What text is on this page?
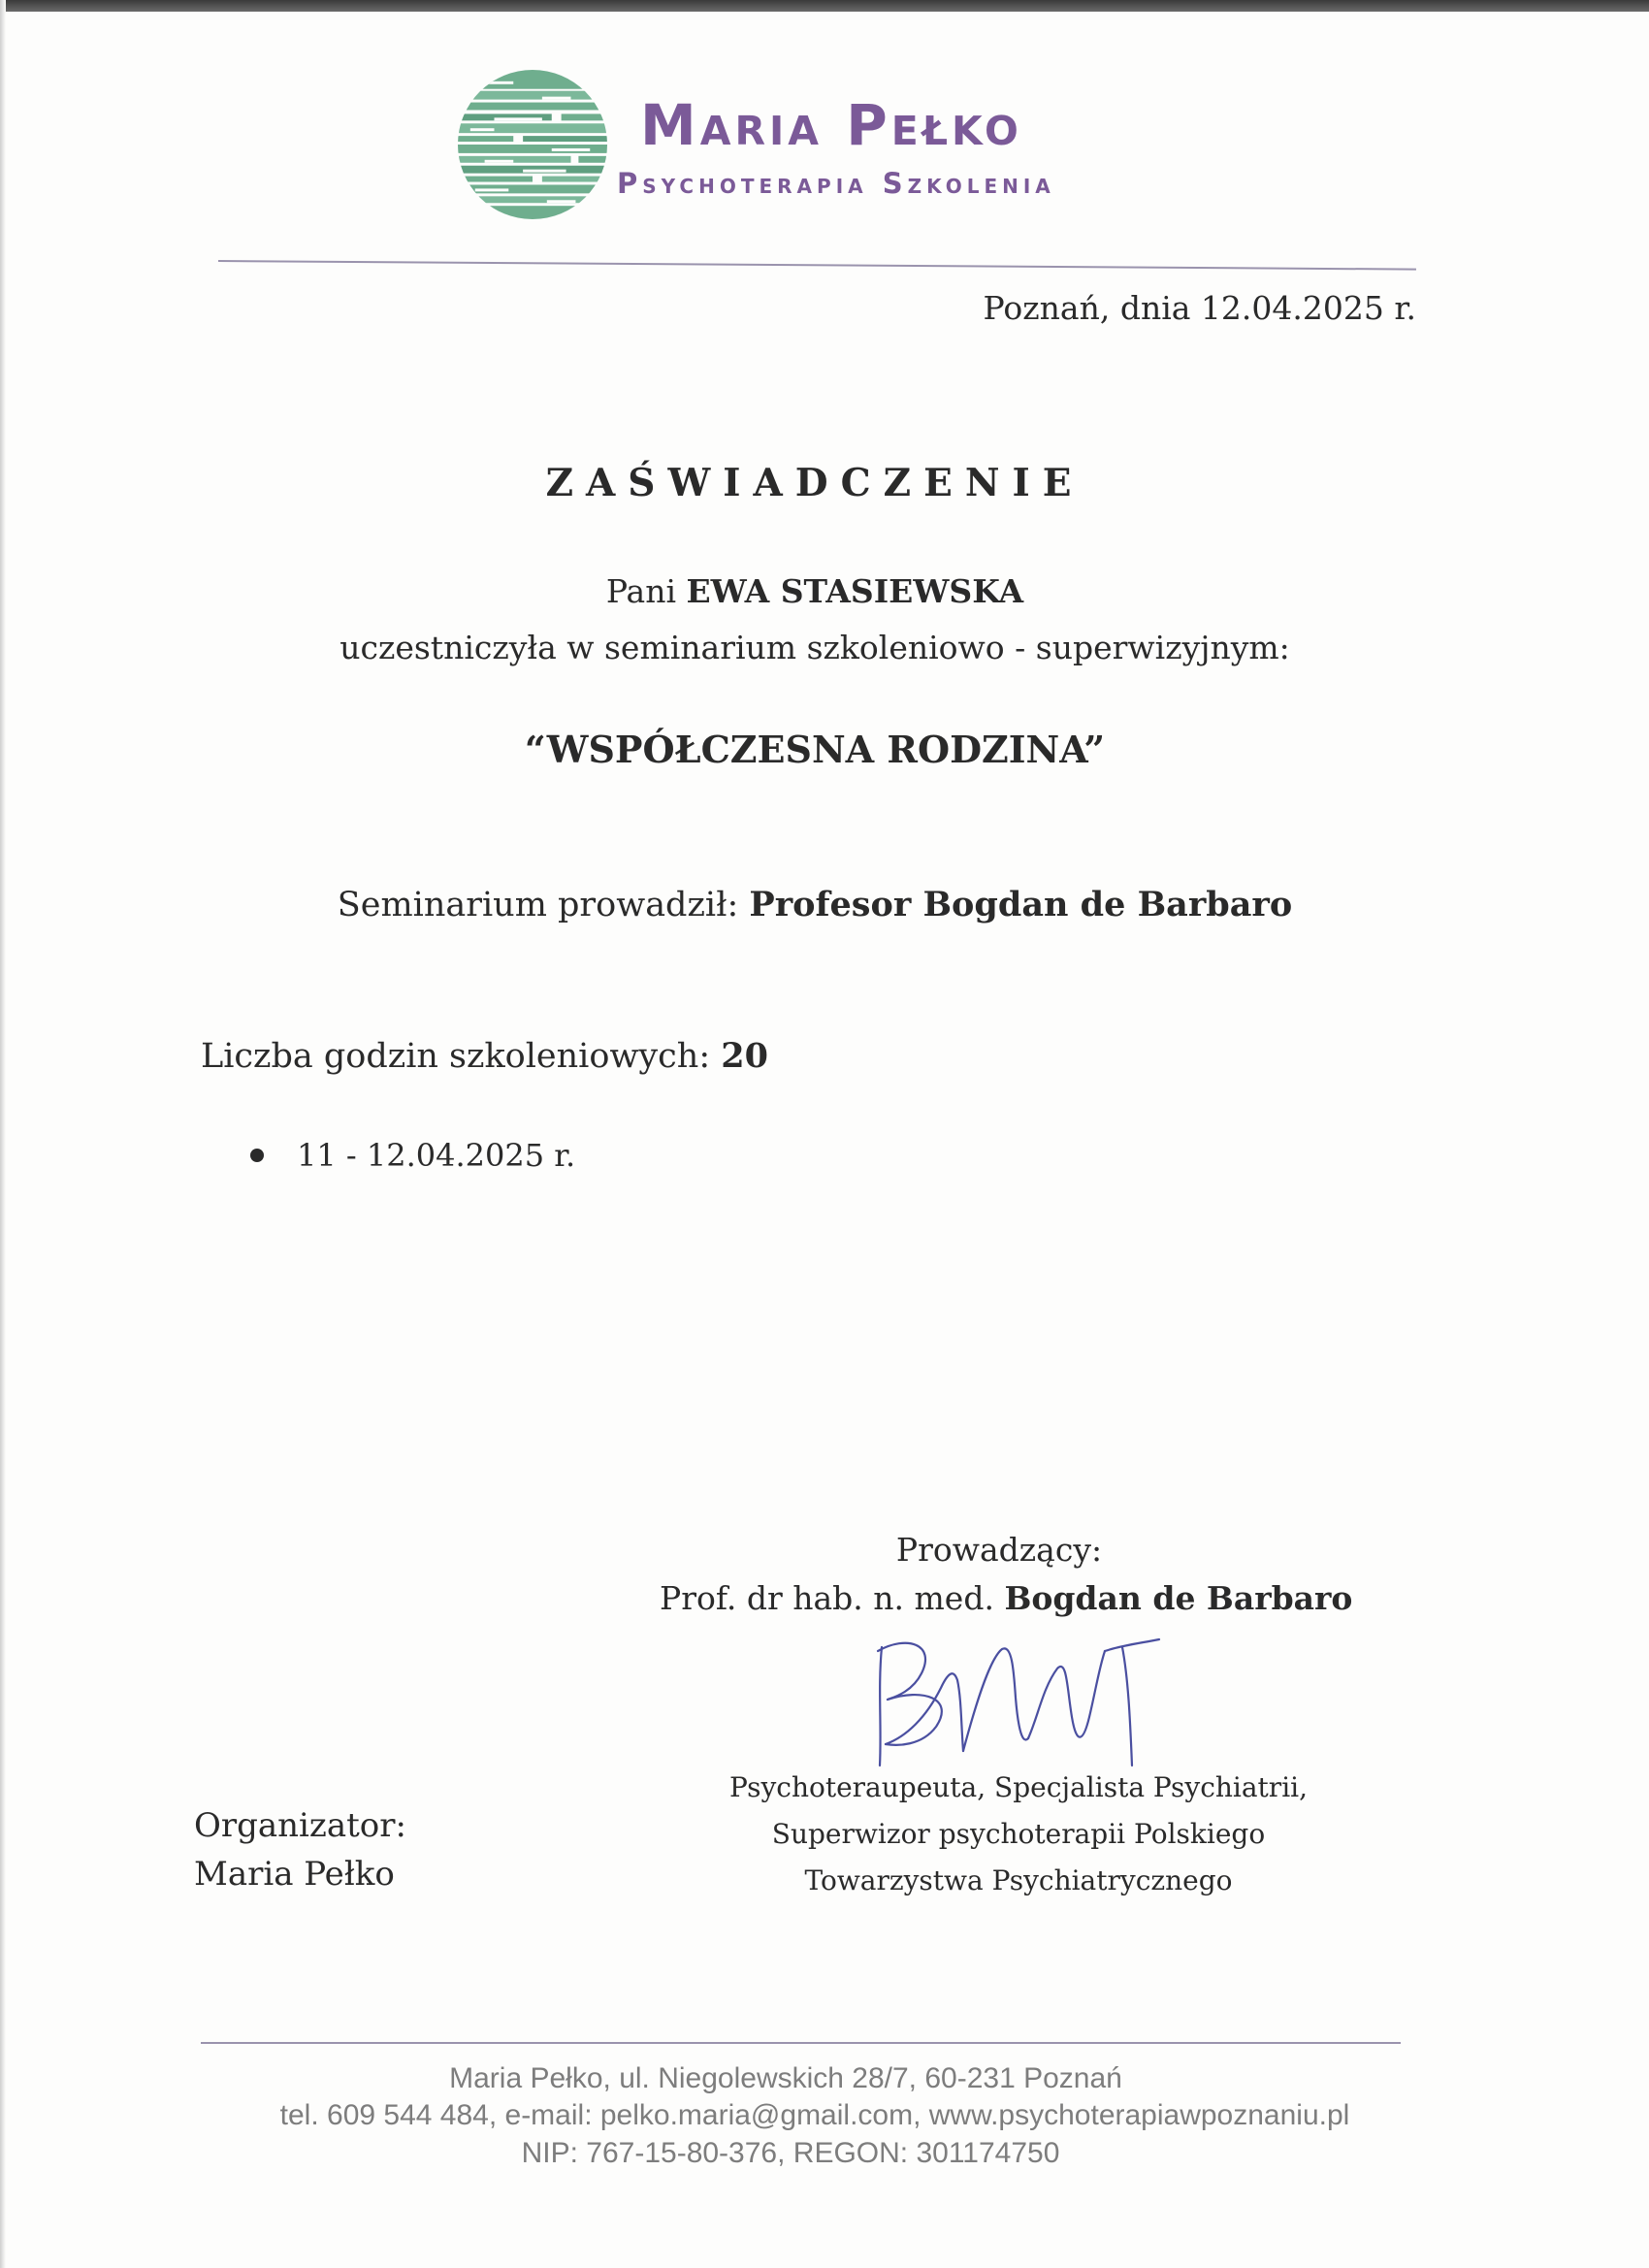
Maria Pełko
Psychoterapia Szkolenia
Poznań, dnia 12.04.2025 r.
ZAŚWIADCZENIE
Pani EWA STASIEWSKA
uczestniczyła w seminarium szkoleniowo - superwizyjnym:
“WSPÓŁCZESNA RODZINA”
Seminarium prowadził: Profesor Bogdan de Barbaro
Liczba godzin szkoleniowych: 20
11 - 12.04.2025 r.
Prowadzący:
Prof. dr hab. n. med. Bogdan de Barbaro
Psychoteraupeuta, Specjalista Psychiatrii,
Superwizor psychoterapii Polskiego
Towarzystwa Psychiatrycznego
Organizator:
Maria Pełko
Maria Pełko, ul. Niegolewskich 28/7, 60-231 Poznań
tel. 609 544 484, e-mail: pelko.maria@gmail.com, www.psychoterapiawpoznaniu.pl
NIP: 767-15-80-376, REGON: 301174750
